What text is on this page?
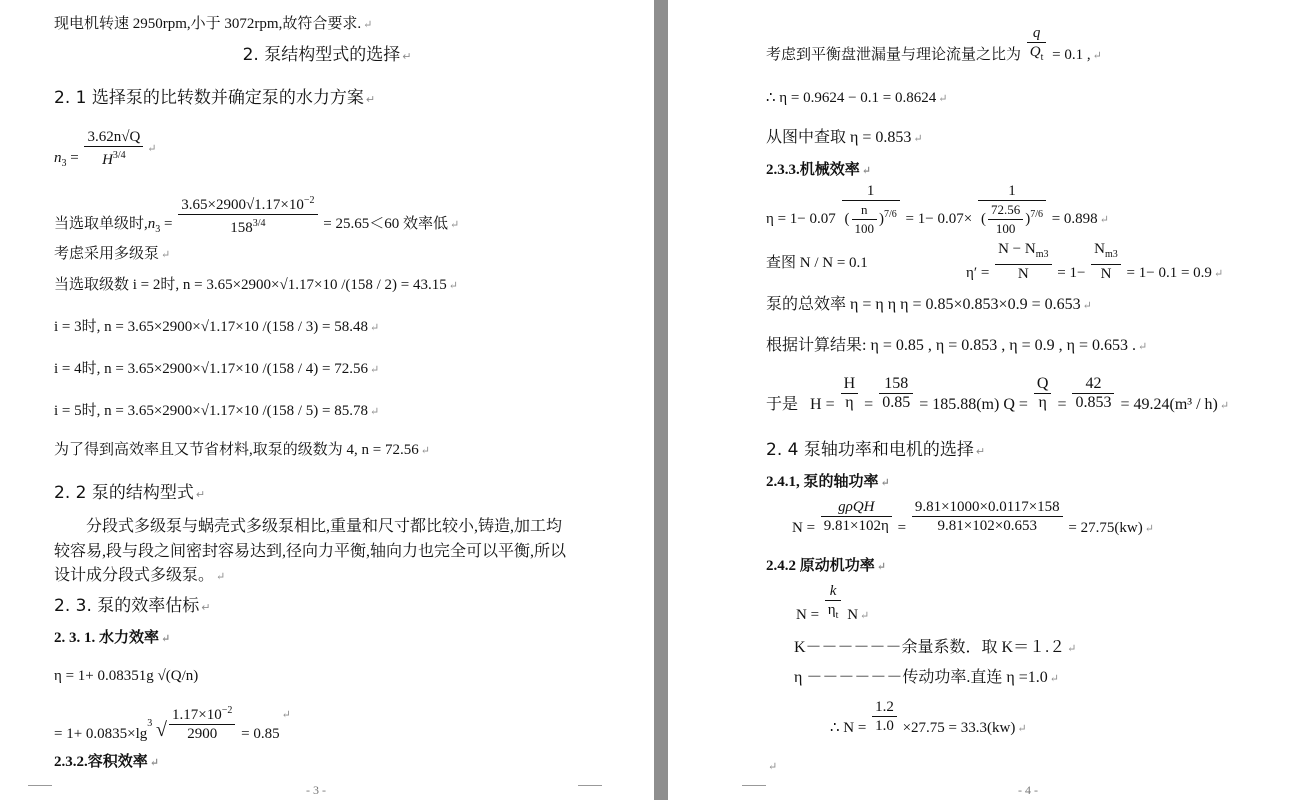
现电机转速 2950rpm,小于 3072rpm,故符合要求. ↵
2. 泵结构型式的选择 ↵
2. 1 选择泵的比转数并确定泵的水力方案 ↵
$n_3 = \frac{3.62n√Q}{H^{3/4}}$ ↵
当选取单级时$,n_3 = \frac{3.65\times 2900√1.17\times 10^{-2}}{158^{3/4}} = 25.65<60$ 效率低 $_↵$
考虑采用多级泵 ↵
当选取级数 i = 2时, n = 3.65×2900×√1.17×10 /(158 / 2) = 43.15 ↵
i = 3时, n = 3.65×2900×√1.17×10 /(158 / 3) = 58.48 ↵
i = 4时, n = 3.65×2900×√1.17×10 /(158 / 4) = 72.56 ↵
i = 5时, n = 3.65×2900×√1.17×10 /(158 / 5) = 85.78 ↵
为了得到高效率且又节省材料,取泵的级数为 4, n = 72.56 ↵
2. 2 泵的结构型式 ↵
分段式多级泵与蜗壳式多级泵相比,重量和尺寸都比较小,铸造,加工均
较容易,段与段之间密封容易达到,径向力平衡,轴向力也完全可以平衡,所以
设计成分段式多级泵。 ↵
2. 3. 泵的效率估标 ↵
2. 3. 1. 水力效率 ↵
η = 1+ 0.08351g √(Q/n)
= $1+ 0.0835\times\lg^3$ √ $\frac{1.17\times 10^{-2}}{2900} = 0.85^↵$
2.3.2.容积效率 ↵
- 3 -
考虑到平衡盘泄漏量与理论流量之比为 $\frac{q}{Q_t} = 0.1$ , $_↵$
∴ η = 0.9624 − 0.1 = 0.8624 ↵
从图中查取 η = 0.853 ↵
2.3.3.机械效率 ↵
$\eta = 1- 0.07 \frac{1}{( \frac{n}{100} )^{7/6}} = 1- 0.07\times \frac{1}{( \frac{72.56}{100} )^{7/6}} = 0.898$ $_↵$
查图 N / N = 0.1
$\eta' = \frac{N - N_{m3}}{N} = 1- \frac{N_{m3}}{N} = 1- 0.1 = 0.9$ $_↵$
泵的总效率 η = η η η = 0.85×0.853×0.9 = 0.653 ↵
根据计算结果: η = 0.85 , η = 0.853 , η = 0.9 , η = 0.653 . ↵
于是 $H = \frac{H}{\eta} = \frac{158}{0.85} = 185.88(m) Q = \frac{Q}{\eta} = \frac{42}{0.853} = 49.24(m^3 / h)$ $_↵$
2. 4 泵轴功率和电机的选择 ↵
2.4.1, 泵的轴功率 ↵
N =
gρQH
$9.81\times 102\eta = \frac{9.81\times 1000\times 0.0117\times 158}{9.81\times 102\times 0.653} = 27.75(kw)$ $_↵$
2.4.2 原动机功率 ↵
$N = \frac{k}{\eta_t}$ N $_↵$
K－－－－－－余量系数．取 K＝１.２ ↵
η －－－－－－传动功率.直连 η =1.0 ↵
∴ $N = \frac{1.2}{1.0} \times 27.75 = 33.3(kw)$ $_↵$
↵
- 4 -
